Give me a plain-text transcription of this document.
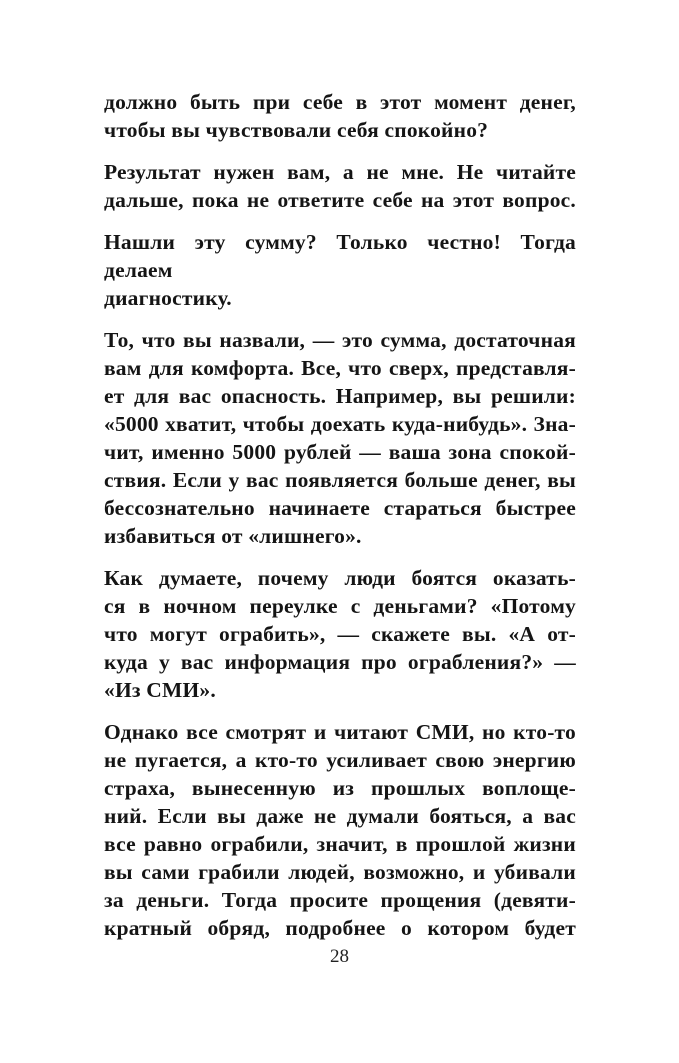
должно быть при себе в этот момент денег,
чтобы вы чувствовали себя спокойно?
Результат нужен вам, а не мне. Не читайте
дальше, пока не ответите себе на этот вопрос.
Нашли эту сумму? Только честно! Тогда делаем
диагностику.
То, что вы назвали, — это сумма, достаточная
вам для комфорта. Все, что сверх, представля-
ет для вас опасность. Например, вы решили:
«5000 хватит, чтобы доехать куда-нибудь». Зна-
чит, именно 5000 рублей — ваша зона спокой-
ствия. Если у вас появляется больше денег, вы
бессознательно начинаете стараться быстрее
избавиться от «лишнего».
Как думаете, почему люди боятся оказать-
ся в ночном переулке с деньгами? «Потому
что могут ограбить», — скажете вы. «А от-
куда у вас информация про ограбления?» —
«Из СМИ».
Однако все смотрят и читают СМИ, но кто-то
не пугается, а кто-то усиливает свою энергию
страха, вынесенную из прошлых воплоще-
ний. Если вы даже не думали бояться, а вас
все равно ограбили, значит, в прошлой жизни
вы сами грабили людей, возможно, и убивали
за деньги. Тогда просите прощения (девяти-
кратный обряд, подробнее о котором будет
28
